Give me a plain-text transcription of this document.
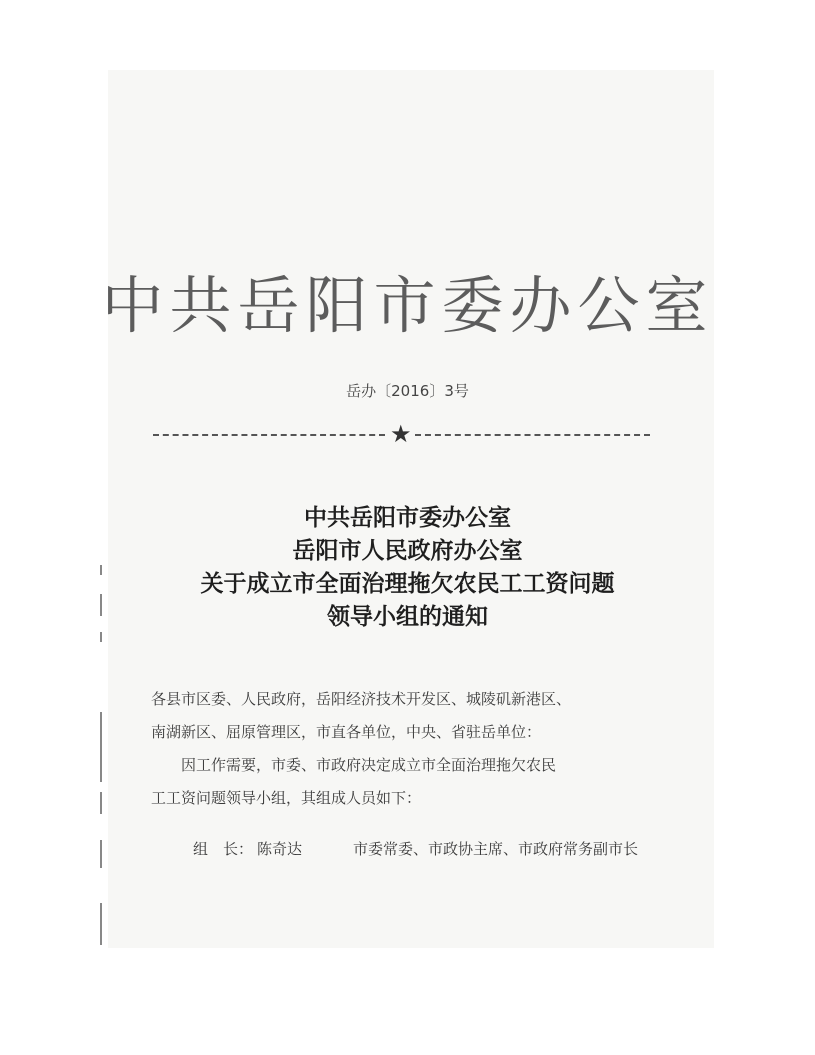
中共岳阳市委办公室
岳办〔2016〕3号
★
中共岳阳市委办公室
岳阳市人民政府办公室
关于成立市全面治理拖欠农民工工资问题
领导小组的通知
各县市区委、人民政府，岳阳经济技术开发区、城陵矶新港区、
南湖新区、屈原管理区，市直各单位，中央、省驻岳单位：
因工作需要，市委、市政府决定成立市全面治理拖欠农民
工工资问题领导小组，其组成人员如下：
组　长： 陈奇达	市委常委、市政协主席、市政府常务副市长
